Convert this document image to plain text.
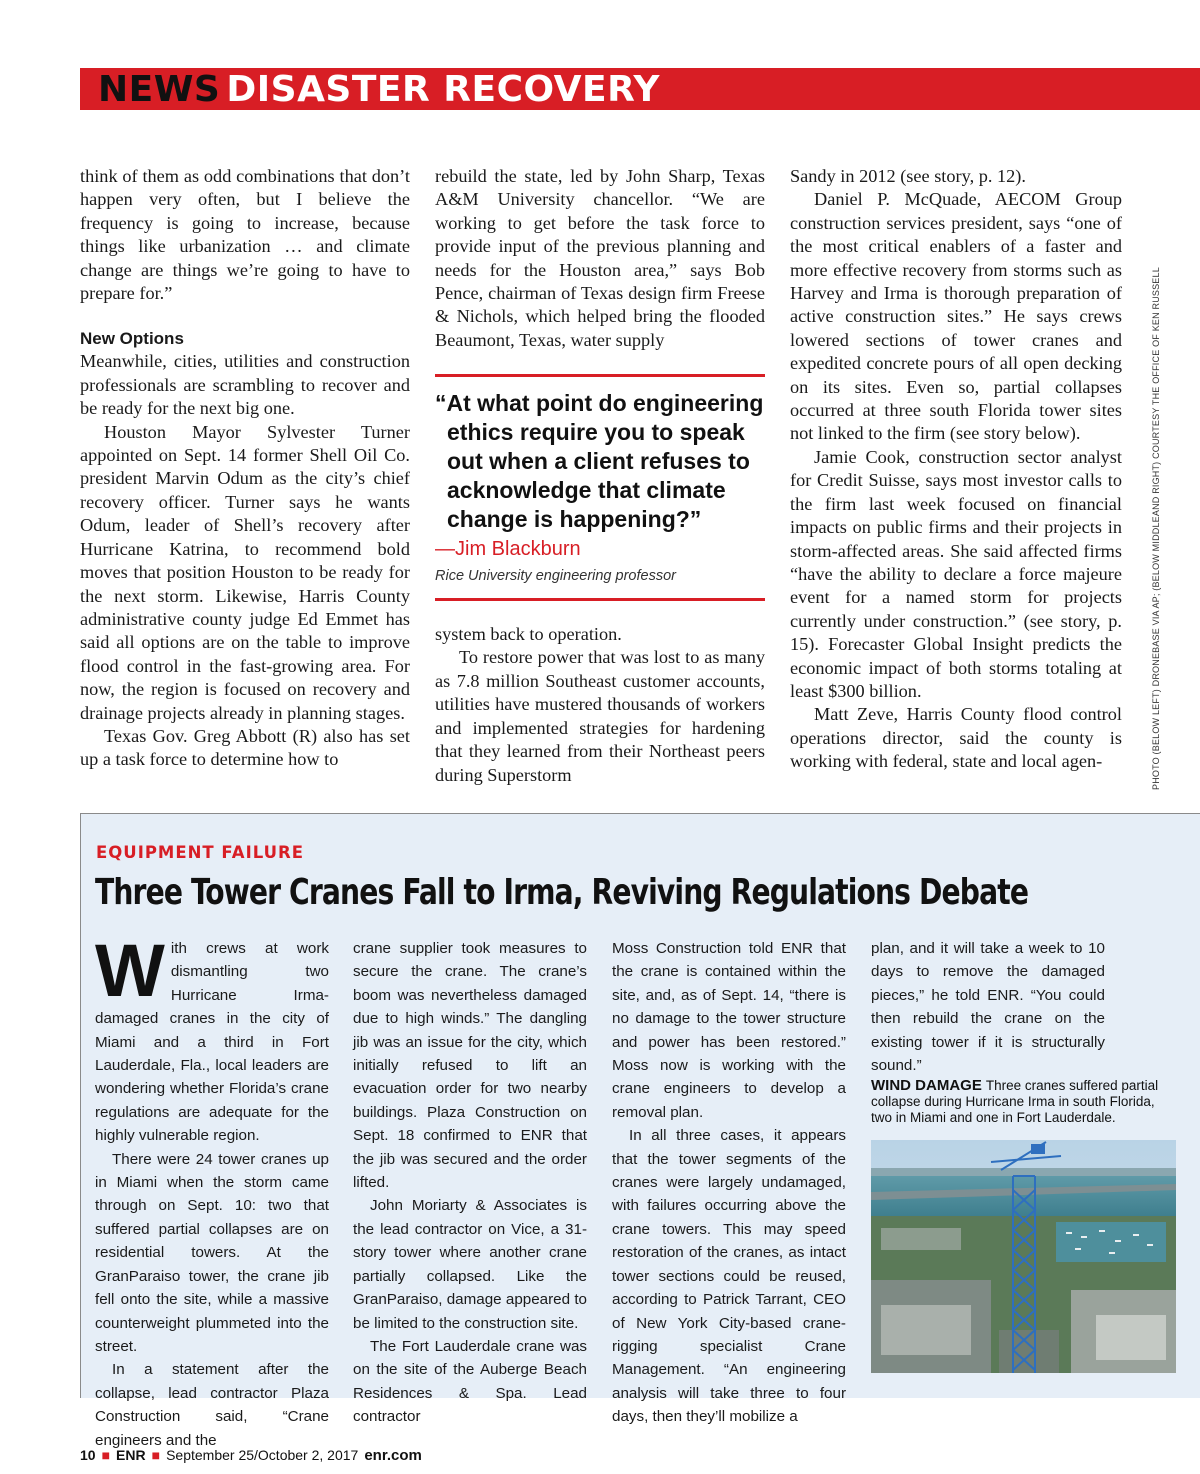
NEWS DISASTER RECOVERY

think of them as odd combinations that don’t happen very often, but I believe the frequency is going to increase, because things like urbanization … and climate change are things we’re going to have to prepare for.”

New Options

Meanwhile, cities, utilities and construction professionals are scrambling to recover and be ready for the next big one.

Houston Mayor Sylvester Turner appointed on Sept. 14 former Shell Oil Co. president Marvin Odum as the city’s chief recovery officer. Turner says he wants Odum, leader of Shell’s recovery after Hurricane Katrina, to recommend bold moves that position Houston to be ready for the next storm. Likewise, Harris County administrative county judge Ed Emmet has said all options are on the table to improve flood control in the fast-growing area. For now, the region is focused on recovery and drainage projects already in planning stages.

Texas Gov. Greg Abbott (R) also has set up a task force to determine how to

rebuild the state, led by John Sharp, Texas A&M University chancellor. “We are working to get before the task force to provide input of the previous planning and needs for the Houston area,” says Bob Pence, chairman of Texas design firm Freese & Nichols, which helped bring the flooded Beaumont, Texas, water supply

“At what point do engineering ethics require you to speak out when a client refuses to acknowledge that climate change is happening?”
—Jim Blackburn
Rice University engineering professor

system back to operation.

To restore power that was lost to as many as 7.8 million Southeast customer accounts, utilities have mustered thousands of workers and implemented strategies for hardening that they learned from their Northeast peers during Superstorm

Sandy in 2012 (see story, p. 12).

Daniel P. McQuade, AECOM Group construction services president, says “one of the most critical enablers of a faster and more effective recovery from storms such as Harvey and Irma is thorough preparation of active construction sites.” He says crews lowered sections of tower cranes and expedited concrete pours of all open decking on its sites. Even so, partial collapses occurred at three south Florida tower sites not linked to the firm (see story below).

Jamie Cook, construction sector analyst for Credit Suisse, says most investor calls to the firm last week focused on financial impacts on public firms and their projects in storm-affected areas. She said affected firms “have the ability to declare a force majeure event for a named storm for projects currently under construction.” (see story, p. 15). Forecaster Global Insight predicts the economic impact of both storms totaling at least $300 billion.

Matt Zeve, Harris County flood control operations director, said the county is working with federal, state and local agen-	PHOTO (BELOW LEFT) DRONEBASE VIA AP; (BELOW MIDDLEAND RIGHT) COURTESY THE OFFICE OF KEN RUSSELL
EQUIPMENT FAILURE
Three Tower Cranes Fall to Irma, Reviving Regulations Debate

With crews at work dismantling two Hurricane Irma-damaged cranes in the city of Miami and a third in Fort Lauderdale, Fla., local leaders are wondering whether Florida’s crane regulations are adequate for the highly vulnerable region.

There were 24 tower cranes up in Miami when the storm came through on Sept. 10: two that suffered partial collapses are on residential towers. At the GranParaiso tower, the crane jib fell onto the site, while a massive counterweight plummeted into the street.

In a statement after the collapse, lead contractor Plaza Construction said, “Crane engineers and the

crane supplier took measures to secure the crane. The crane’s boom was nevertheless damaged due to high winds.” The dangling jib was an issue for the city, which initially refused to lift an evacuation order for two nearby buildings. Plaza Construction on Sept. 18 confirmed to ENR that the jib was secured and the order lifted.

John Moriarty & Associates is the lead contractor on Vice, a 31-story tower where another crane partially collapsed. Like the GranParaiso, damage appeared to be limited to the construction site.

The Fort Lauderdale crane was on the site of the Auberge Beach Residences & Spa. Lead contractor

Moss Construction told ENR that the crane is contained within the site, and, as of Sept. 14, “there is no damage to the tower structure and power has been restored.” Moss now is working with the crane engineers to develop a removal plan.

In all three cases, it appears that the tower segments of the cranes were largely undamaged, with failures occurring above the crane towers. This may speed restoration of the cranes, as intact tower sections could be reused, according to Patrick Tarrant, CEO of New York City-based crane-rigging specialist Crane Management. “An engineering analysis will take three to four days, then they’ll mobilize a

plan, and it will take a week to 10 days to remove the damaged pieces,” he told ENR. “You could then rebuild the crane on the existing tower if it is structurally sound.”

WIND DAMAGE Three cranes suffered partial collapse during Hurricane Irma in south Florida, two in Miami and one in Fort Lauderdale.
10 ■ ENR ■ September 25/October 2, 2017 enr.com
